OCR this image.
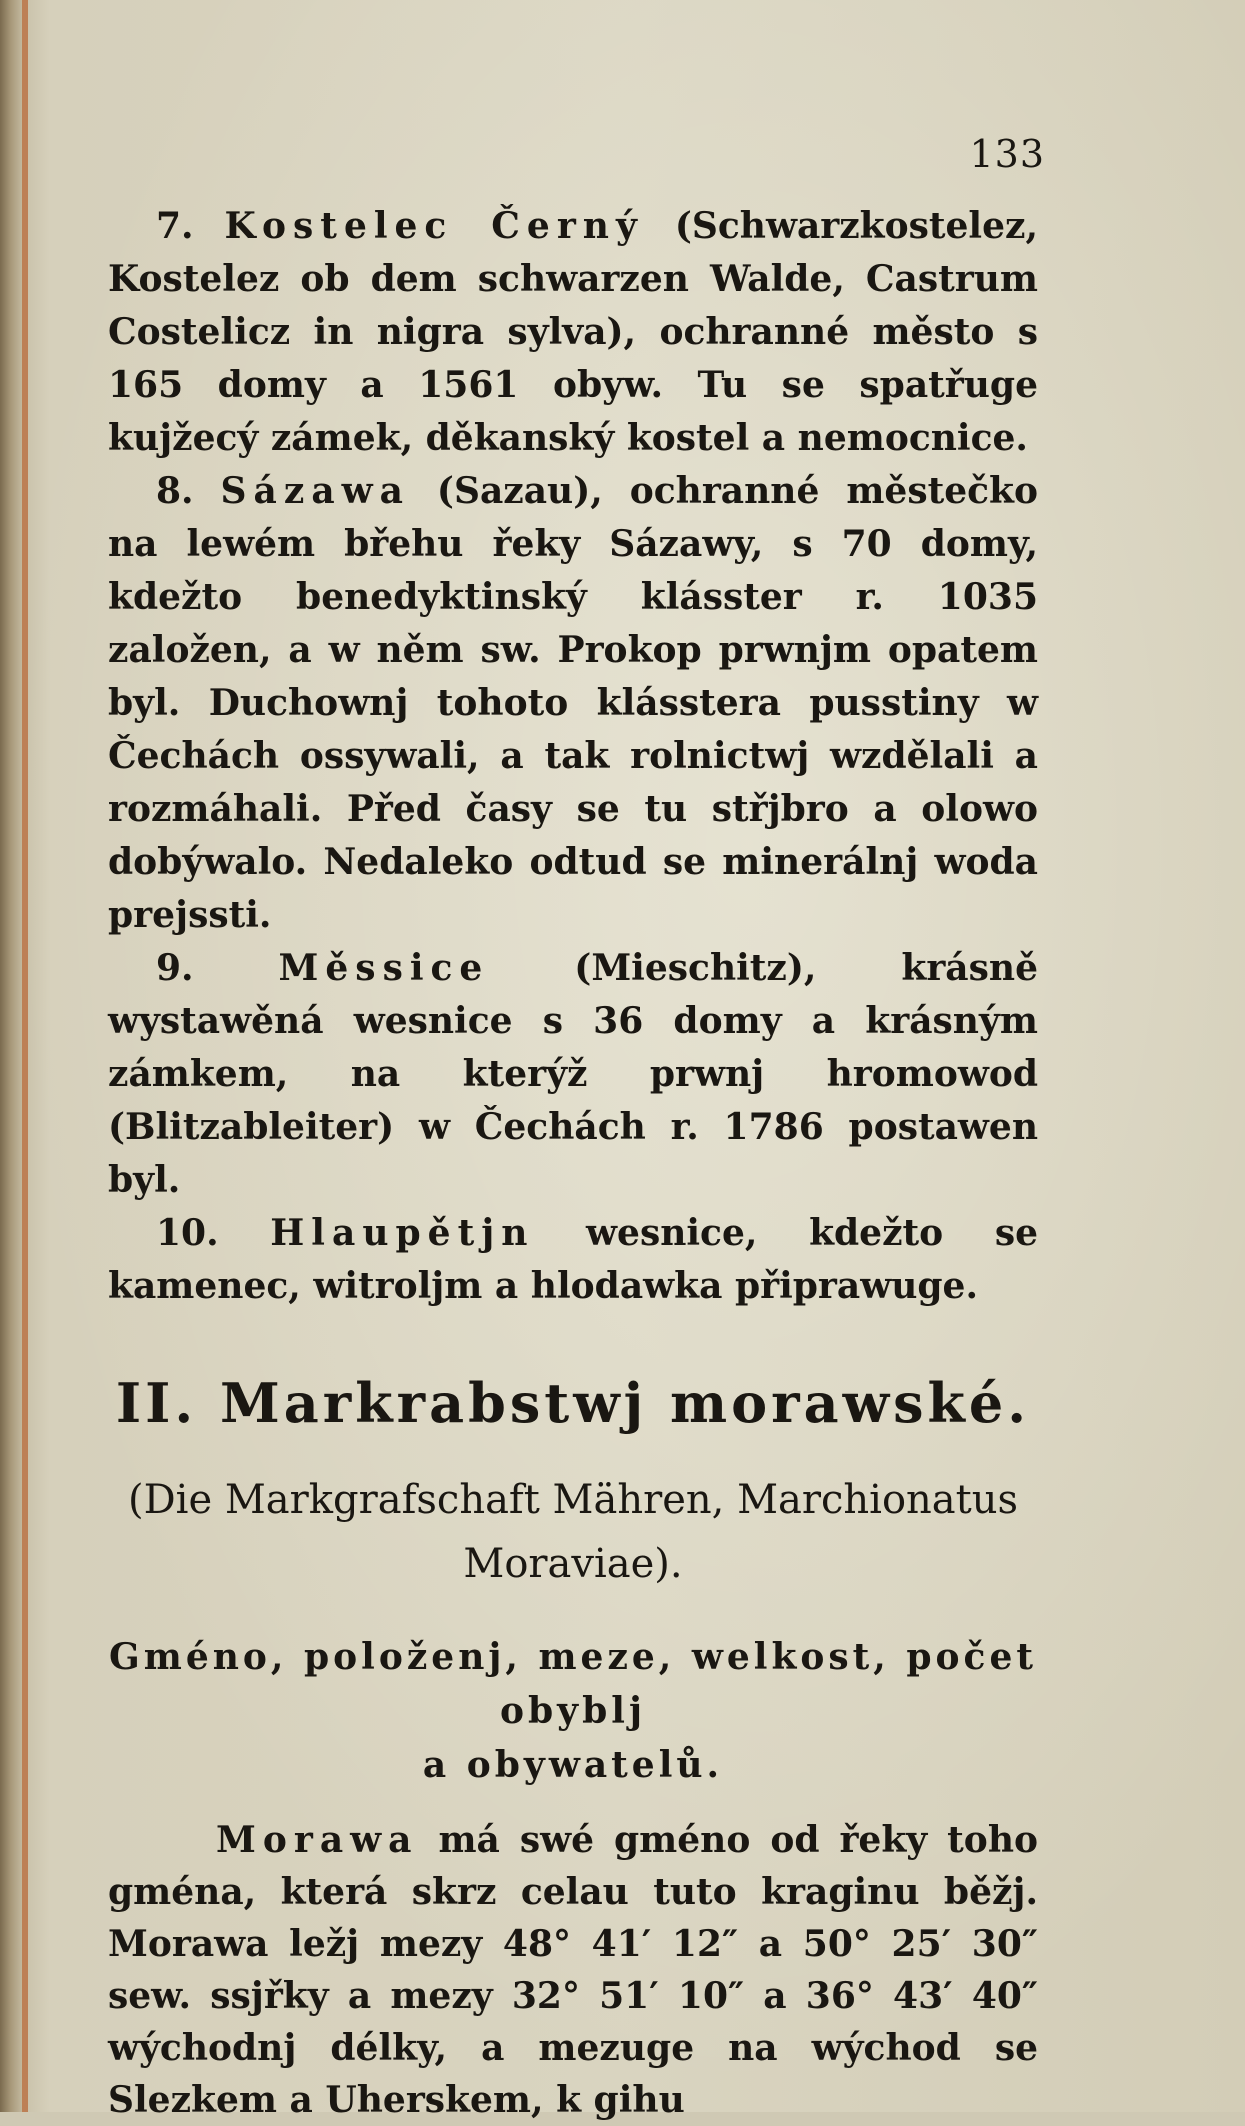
133

7. Kostelec Černý (Schwarzkostelez, Kostelez ob dem schwarzen Walde, Castrum Costelicz in nigra sylva), ochranné město s 165 domy a 1561 obyw. Tu se spatřuge kujžecý zámek, děkanský kostel a nemocnice.

8. Sázawa (Sazau), ochranné městečko na lewém břehu řeky Sázawy, s 70 domy, kdežto benedyktinský klásster r. 1035 založen, a w něm sw. Prokop prwnjm opatem byl. Duchownj tohoto klásstera pusstiny w Čechách ossywali, a tak rolnictwj wzdělali a rozmáhali. Před časy se tu střjbro a olowo dobýwalo. Nedaleko odtud se minerálnj woda prejssti.

9. Měssice (Mieschitz), krásně wystawěná wesnice s 36 domy a krásným zámkem, na kterýž prwnj hromowod (Blitzableiter) w Čechách r. 1786 postawen byl.

10. Hlaupětjn wesnice, kdežto se kamenec, witroljm a hlodawka připrawuge.

II. Markrabstwj morawské.
(Die Markgrafschaft Mähren, Marchionatus
Moraviae).
Gméno, položenj, meze, welkost, počet obyblj
a obywatelů.
Morawa má swé gméno od řeky toho gména, která skrz celau tuto kraginu běžj. Morawa ležj mezy 48° 41′ 12″ a 50° 25′ 30″ sew. ssjřky a mezy 32° 51′ 10″ a 36° 43′ 40″ wýchodnj délky, a mezuge na wýchod se Slezkem a Uherskem, k gihu
